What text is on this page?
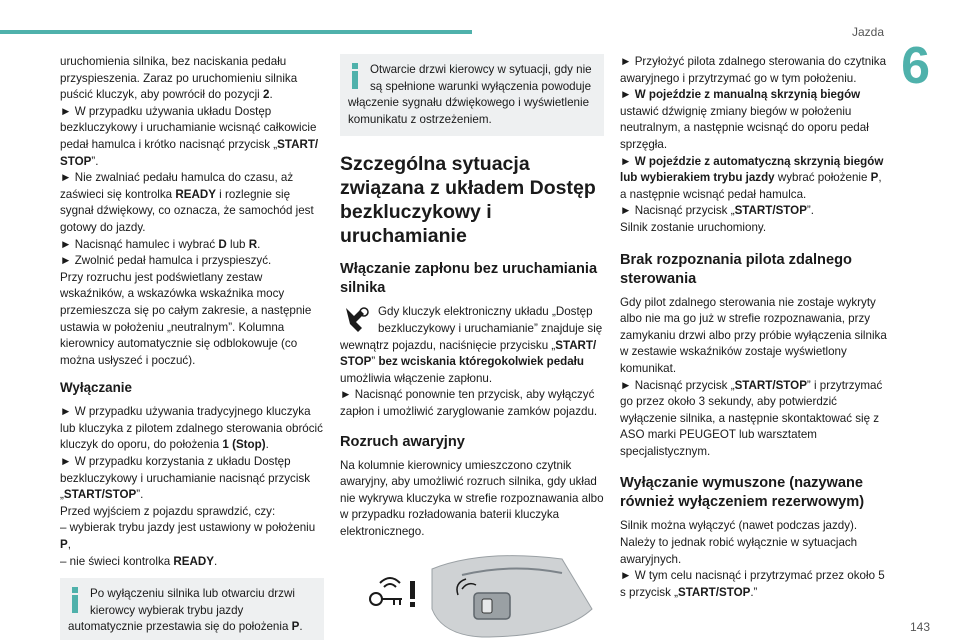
Jazda
6

uruchomienia silnika, bez naciskania pedału przyspieszenia. Zaraz po uruchomieniu silnika puścić kluczyk, aby powrócił do pozycji 2.

► W przypadku używania układu Dostęp bezkluczykowy i uruchamianie wcisnąć całkowicie pedał hamulca i krótko nacisnąć przycisk „START/ STOP”.

► Nie zwalniać pedału hamulca do czasu, aż zaświeci się kontrolka READY i rozlegnie się sygnał dźwiękowy, co oznacza, że samochód jest gotowy do jazdy.

► Nacisnąć hamulec i wybrać D lub R.

► Zwolnić pedał hamulca i przyspieszyć.

Przy rozruchu jest podświetlany zestaw wskaźników, a wskazówka wskaźnika mocy przemieszcza się po całym zakresie, a następnie ustawia w położeniu „neutralnym”. Kolumna kierownicy automatycznie się odblokowuje (co można usłyszeć i poczuć).

Wyłączanie

► W przypadku używania tradycyjnego kluczyka lub kluczyka z pilotem zdalnego sterowania obrócić kluczyk do oporu, do położenia 1 (Stop).

► W przypadku korzystania z układu Dostęp bezkluczykowy i uruchamianie nacisnąć przycisk „START/STOP”.

Przed wyjściem z pojazdu sprawdzić, czy:

– wybierak trybu jazdy jest ustawiony w położeniu P,

– nie świeci kontrolka READY.

Po wyłączeniu silnika lub otwarciu drzwi kierowcy wybierak trybu jazdy automatycznie przestawia się do położenia P.
Otwarcie drzwi kierowcy w sytuacji, gdy nie są spełnione warunki wyłączenia powoduje włączenie sygnału dźwiękowego i wyświetlenie komunikatu z ostrzeżeniem.
Szczególna sytuacja związana z układem Dostęp bezkluczykowy i uruchamianie
Włączanie zapłonu bez uruchamiania silnika
Gdy kluczyk elektroniczny układu „Dostęp bezkluczykowy i uruchamianie” znajduje się wewnątrz pojazdu, naciśnięcie przycisku „START/ STOP” bez wciskania któregokolwiek pedału umożliwia włączenie zapłonu.

► Nacisnąć ponownie ten przycisk, aby wyłączyć zapłon i umożliwić zaryglowanie zamków pojazdu.

Rozruch awaryjny

Na kolumnie kierownicy umieszczono czytnik awaryjny, aby umożliwić rozruch silnika, gdy układ nie wykrywa kluczyka w strefie rozpoznawania albo w przypadku rozładowania baterii kluczyka elektronicznego.

► Przyłożyć pilota zdalnego sterowania do czytnika awaryjnego i przytrzymać go w tym położeniu.

► W pojeździe z manualną skrzynią biegów ustawić dźwignię zmiany biegów w położeniu neutralnym, a następnie wcisnąć do oporu pedał sprzęgła.

► W pojeździe z automatyczną skrzynią biegów lub wybierakiem trybu jazdy wybrać położenie P, a następnie wcisnąć pedał hamulca.

► Nacisnąć przycisk „START/STOP”.

Silnik zostanie uruchomiony.

Brak rozpoznania pilota zdalnego sterowania

Gdy pilot zdalnego sterowania nie zostaje wykryty albo nie ma go już w strefie rozpoznawania, przy zamykaniu drzwi albo przy próbie wyłączenia silnika w zestawie wskaźników zostaje wyświetlony komunikat.

► Nacisnąć przycisk „START/STOP” i przytrzymać go przez około 3 sekundy, aby potwierdzić wyłączenie silnika, a następnie skontaktować się z ASO marki PEUGEOT lub warsztatem specjalistycznym.

Wyłączanie wymuszone (nazywane również wyłączeniem rezerwowym)

Silnik można wyłączyć (nawet podczas jazdy). Należy to jednak robić wyłącznie w sytuacjach awaryjnych.

► W tym celu nacisnąć i przytrzymać przez około 5 s przycisk „START/STOP.”

143
